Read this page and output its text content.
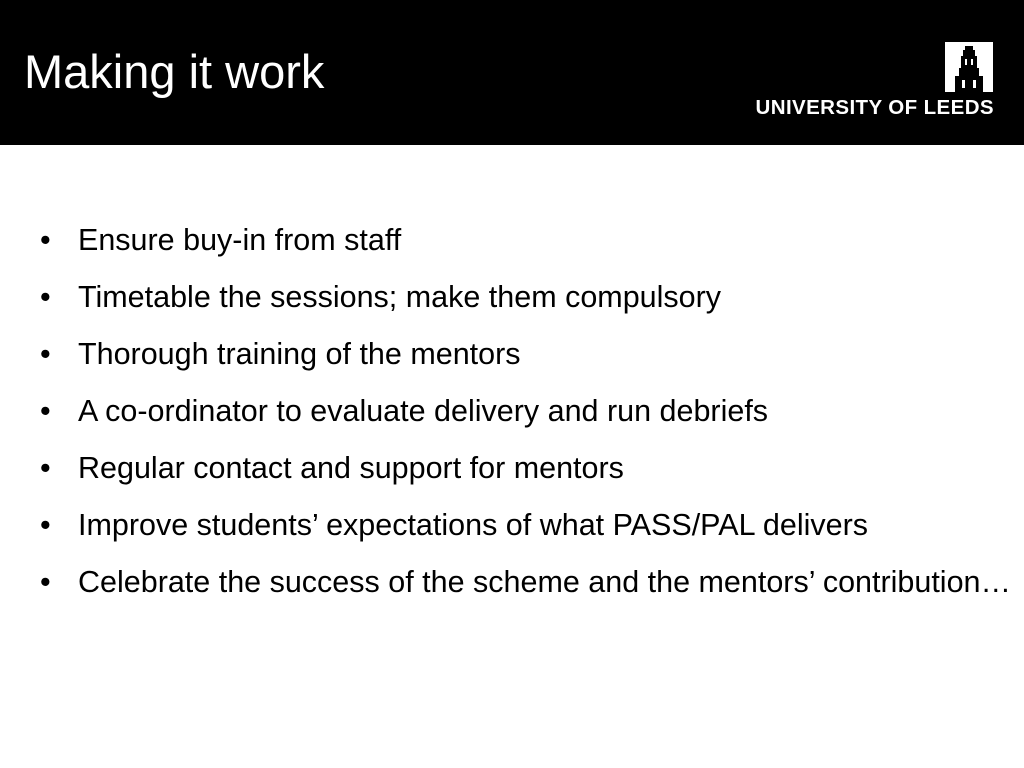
Making it work
UNIVERSITY OF LEEDS
• Ensure buy-in from staff
• Timetable the sessions; make them compulsory
• Thorough training of the mentors
• A co-ordinator to evaluate delivery and run debriefs
• Regular contact and support for mentors
• Improve students’ expectations of what PASS/PAL delivers
• Celebrate the success of the scheme and the mentors’ contribution…
